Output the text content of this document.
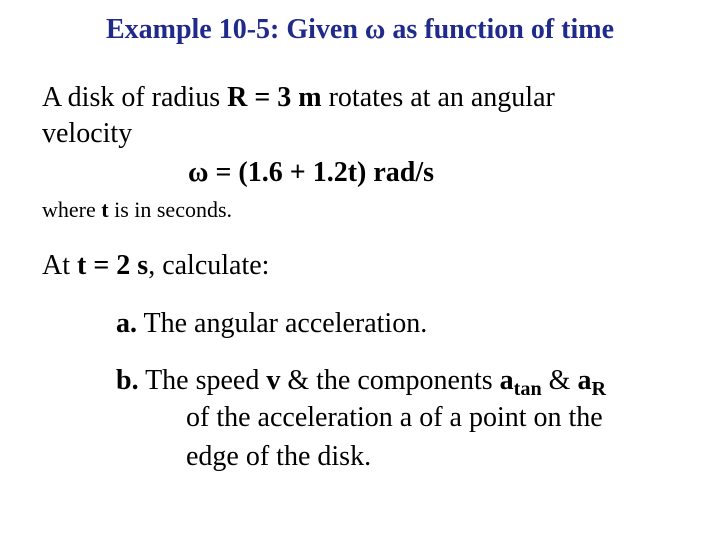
Example 10-5: Given ω as function of time
A disk of radius R = 3 m rotates at an angular
velocity
ω = (1.6 + 1.2t) rad/s
where t is in seconds.
At t = 2 s, calculate:
a. The angular acceleration.
b. The speed v & the components $a_{tan}$ & $a_R$
of the acceleration a of a point on the
edge of the disk.
